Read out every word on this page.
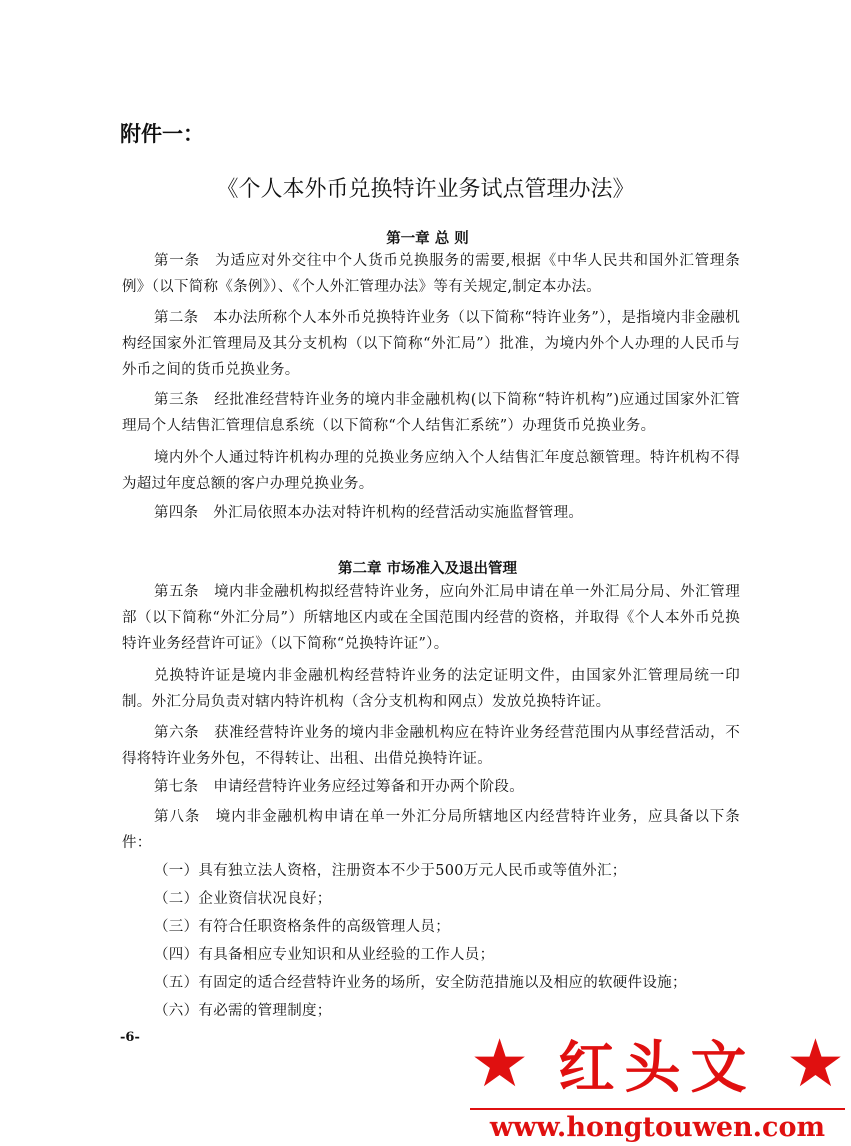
附件一：
《个人本外币兑换特许业务试点管理办法》
第一章 总 则
第一条　为适应对外交往中个人货币兑换服务的需要,根据《中华人民共和国外汇管理条例》（以下简称《条例》）、《个人外汇管理办法》等有关规定,制定本办法。
第二条　本办法所称个人本外币兑换特许业务（以下简称“特许业务”），是指境内非金融机构经国家外汇管理局及其分支机构（以下简称“外汇局”）批准，为境内外个人办理的人民币与外币之间的货币兑换业务。
第三条　经批准经营特许业务的境内非金融机构(以下简称“特许机构”)应通过国家外汇管理局个人结售汇管理信息系统（以下简称“个人结售汇系统”）办理货币兑换业务。
境内外个人通过特许机构办理的兑换业务应纳入个人结售汇年度总额管理。特许机构不得为超过年度总额的客户办理兑换业务。
第四条　外汇局依照本办法对特许机构的经营活动实施监督管理。
第二章 市场准入及退出管理
第五条　境内非金融机构拟经营特许业务，应向外汇局申请在单一外汇局分局、外汇管理部（以下简称“外汇分局”）所辖地区内或在全国范围内经营的资格，并取得《个人本外币兑换特许业务经营许可证》（以下简称“兑换特许证”）。
兑换特许证是境内非金融机构经营特许业务的法定证明文件，由国家外汇管理局统一印制。外汇分局负责对辖内特许机构（含分支机构和网点）发放兑换特许证。
第六条　获准经营特许业务的境内非金融机构应在特许业务经营范围内从事经营活动，不得将特许业务外包，不得转让、出租、出借兑换特许证。
第七条　申请经营特许业务应经过筹备和开办两个阶段。
第八条　境内非金融机构申请在单一外汇分局所辖地区内经营特许业务，应具备以下条件：
（一）具有独立法人资格，注册资本不少于500万元人民币或等值外汇；
（二）企业资信状况良好；
（三）有符合任职资格条件的高级管理人员；
（四）有具备相应专业知识和从业经验的工作人员；
（五）有固定的适合经营特许业务的场所，安全防范措施以及相应的软硬件设施；
（六）有必需的管理制度；
-6-	★ 红头文 ★
www.hongtouwen.com
